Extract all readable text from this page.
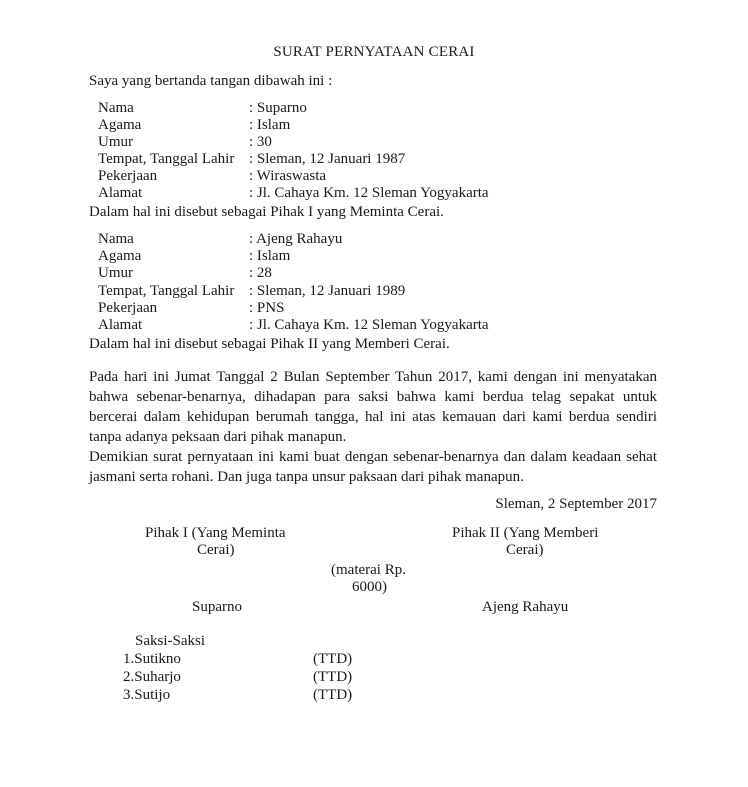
SURAT PERNYATAAN CERAI
Saya yang bertanda tangan dibawah ini :
Nama	: Suparno
Agama	: Islam
Umur	: 30
Tempat, Tanggal Lahir : Sleman, 12 Januari 1987
Pekerjaan	: Wiraswasta
Alamat	: Jl. Cahaya Km. 12 Sleman Yogyakarta
Dalam hal ini disebut sebagai Pihak I yang Meminta Cerai.
Nama	: Ajeng Rahayu
Agama	: Islam
Umur	: 28
Tempat, Tanggal Lahir : Sleman, 12 Januari 1989
Pekerjaan	: PNS
Alamat	: Jl. Cahaya Km. 12 Sleman Yogyakarta
Dalam hal ini disebut sebagai Pihak II yang Memberi Cerai.
Pada hari ini Jumat Tanggal 2 Bulan September Tahun 2017, kami dengan ini menyatakan
bahwa sebenar-benarnya, dihadapan para saksi bahwa kami berdua telag sepakat untuk
bercerai dalam kehidupan berumah tangga, hal ini atas kemauan dari kami berdua sendiri
tanpa adanya peksaan dari pihak manapun.
Demikian surat pernyataan ini kami buat dengan sebenar-benarnya dan dalam keadaan sehat
jasmani serta rohani. Dan juga tanpa unsur paksaan dari pihak manapun.
Sleman, 2 September 2017
Pihak I (Yang Meminta
Cerai)
Pihak II (Yang Memberi
Cerai)
(materai Rp.
6000)
Suparno	Ajeng Rahayu
Saksi-Saksi
1.Sutikno	(TTD)
2.Suharjo	(TTD)
3.Sutijo	(TTD)
